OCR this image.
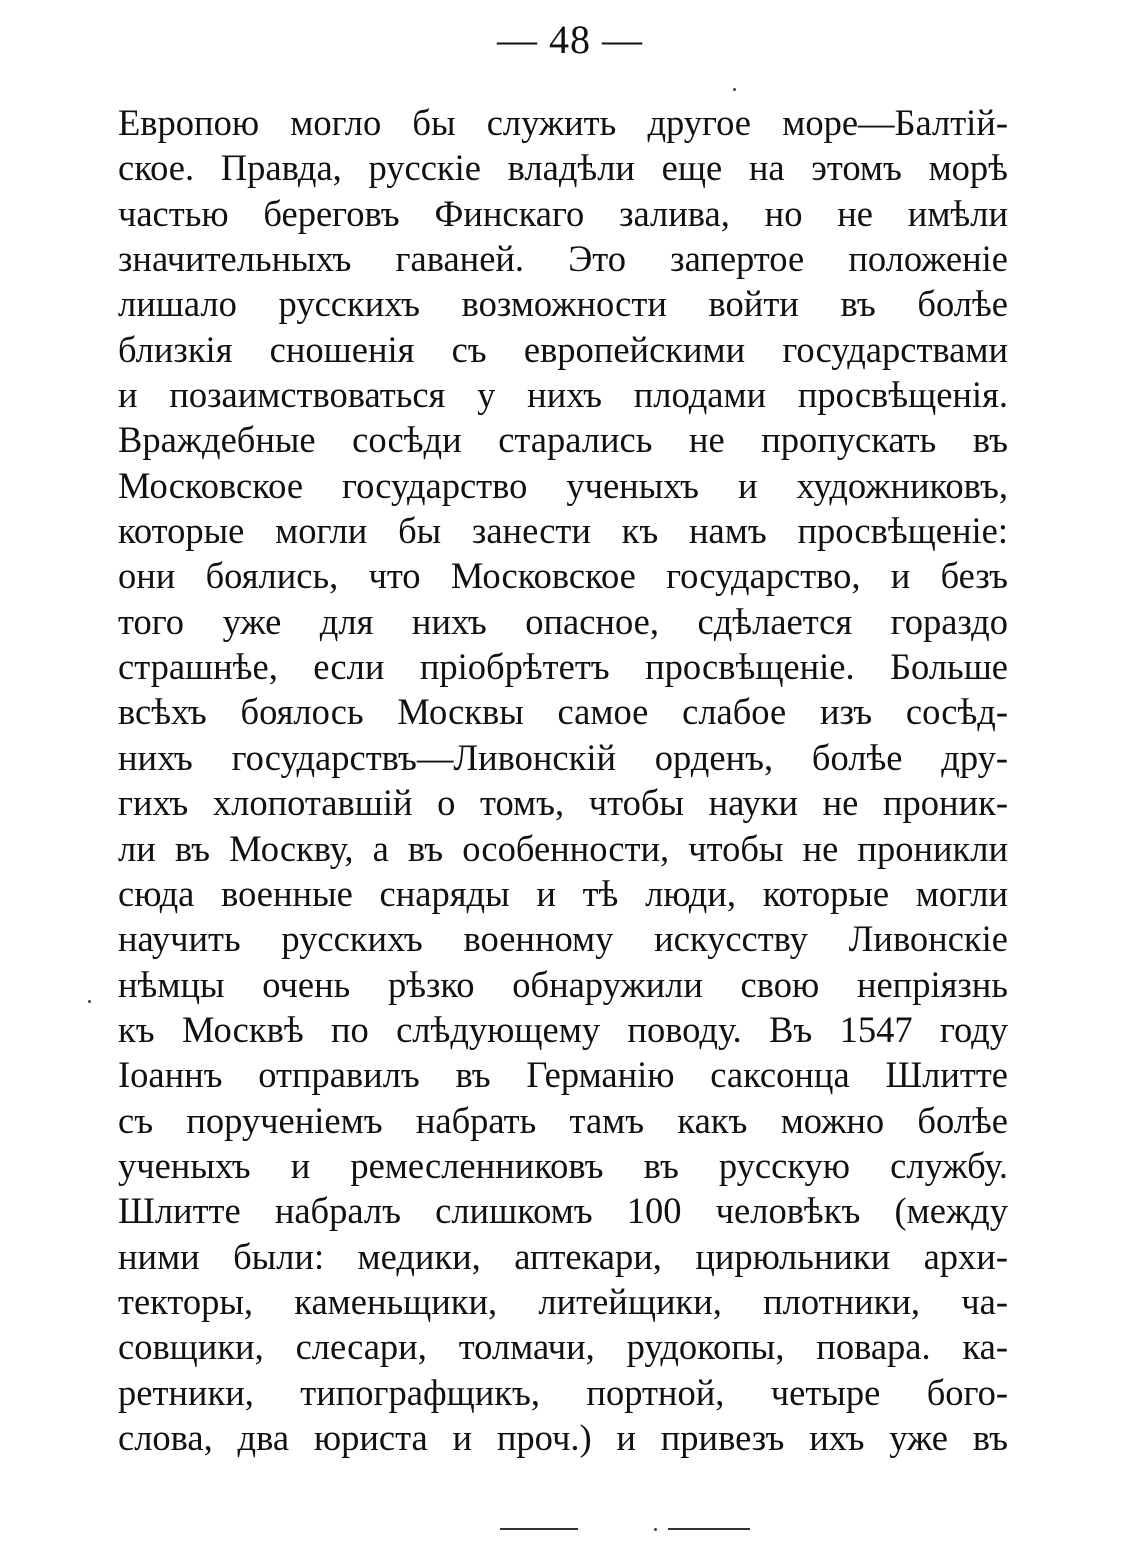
— 48 —
Европою могло бы служить другое море—Балтій-
ское. Правда, русскіе владѣли еще на этомъ морѣ
частью береговъ Финскаго залива, но не имѣли
значительныхъ гаваней. Это запертое положеніе
лишало русскихъ возможности войти въ болѣе
близкія сношенія съ европейскими государствами
и позаимствоваться у нихъ плодами просвѣщенія.
Враждебные сосѣди старались не пропускать въ
Московское государство ученыхъ и художниковъ,
которые могли бы занести къ намъ просвѣщеніе:
они боялись, что Московское государство, и безъ
того уже для нихъ опасное, сдѣлается гораздо
страшнѣе, если пріобрѣтетъ просвѣщеніе. Больше
всѣхъ боялось Москвы самое слабое изъ сосѣд-
нихъ государствъ—Ливонскій орденъ, болѣе дру-
гихъ хлопотавшій о томъ, чтобы науки не проник-
ли въ Москву, а въ особенности, чтобы не проникли
сюда военные снаряды и тѣ люди, которые могли
научить русскихъ военному искусству Ливонскіе
нѣмцы очень рѣзко обнаружили свою непріязнь
къ Москвѣ по слѣдующему поводу. Въ 1547 году
Іоаннъ отправилъ въ Германію саксонца Шлитте
съ порученіемъ набрать тамъ какъ можно болѣе
ученыхъ и ремесленниковъ въ русскую службу.
Шлитте набралъ слишкомъ 100 человѣкъ (между
ними были: медики, аптекари, цирюльники архи-
текторы, каменьщики, литейщики, плотники, ча-
совщики, слесари, толмачи, рудокопы, повара. ка-
ретники, типографщикъ, портной, четыре бого-
слова, два юриста и проч.) и привезъ ихъ уже въ
